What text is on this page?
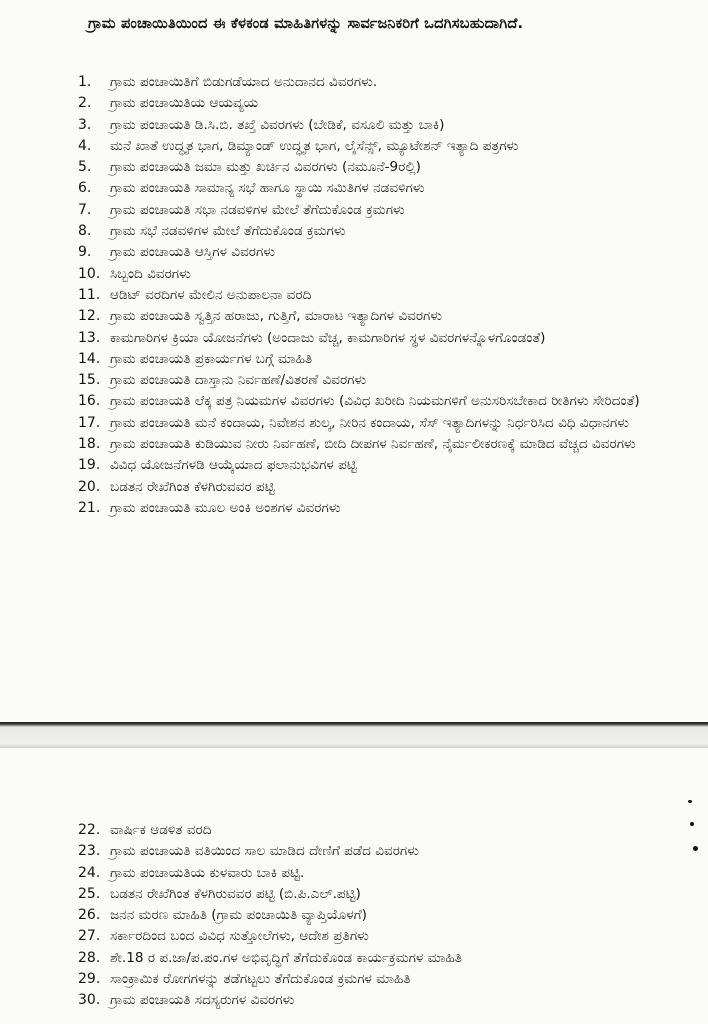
ಗ್ರಾಮ ಪಂಚಾಯಿತಿಯಿಂದ ಈ ಕೆಳಕಂಡ ಮಾಹಿತಿಗಳನ್ನು ಸಾರ್ವಜನಿಕರಿಗೆ ಒದಗಿಸಬಹುದಾಗಿದೆ.
1.	ಗ್ರಾಮ ಪಂಚಾಯಿತಿಗೆ ಬಿಡುಗಡೆಯಾದ ಅನುದಾನದ ವಿವರಗಳು.
2.	ಗ್ರಾಮ ಪಂಚಾಯಿತಿಯ ಆಯವ್ಯಯ
3.	ಗ್ರಾಮ ಪಂಚಾಯತಿ ಡಿ.ಸಿ.ಬಿ. ತಖ್ತೆ ವಿವರಗಳು (ಬೇಡಿಕೆ, ವಸೂಲಿ ಮತ್ತು ಬಾಕಿ)
4.	ಮನೆ ಖಾತೆ ಉದ್ಧೃತ ಭಾಗ, ಡಿಮ್ಯಾಂಡ್ ಉದ್ಧೃತ ಭಾಗ, ಲೈಸೆನ್ಸ್, ಮ್ಯೂಟೇಶನ್ ಇತ್ಯಾದಿ ಪತ್ರಗಳು
5.	ಗ್ರಾಮ ಪಂಚಾಯತಿ ಜಮಾ ಮತ್ತು ಖರ್ಚಿನ ವಿವರಗಳು (ನಮೂನೆ-9ರಲ್ಲಿ)
6.	ಗ್ರಾಮ ಪಂಚಾಯತಿ ಸಾಮಾನ್ಯ ಸಭೆ ಹಾಗೂ ಸ್ಥಾಯಿ ಸಮಿತಿಗಳ ನಡವಳಿಗಳು
7.	ಗ್ರಾಮ ಪಂಚಾಯತಿ ಸಭಾ ನಡವಳಿಗಳ ಮೇಲೆ ತೆಗೆದುಕೊಂಡ ಕ್ರಮಗಳು
8.	ಗ್ರಾಮ ಸಭೆ ನಡವಳಿಗಳ ಮೇಲೆ ತೆಗೆದುಕೊಂಡ ಕ್ರಮಗಳು
9.	ಗ್ರಾಮ ಪಂಚಾಯತಿ ಆಸ್ತಿಗಳ ವಿವರಗಳು
10. ಸಿಬ್ಬಂದಿ ವಿವರಗಳು
11. ಆಡಿಟ್ ವರದಿಗಳ ಮೇಲಿನ ಅನುಪಾಲನಾ ವರದಿ
12. ಗ್ರಾಮ ಪಂಚಾಯತಿ ಸ್ವತ್ತಿನ ಹರಾಜು, ಗುತ್ತಿಗೆ, ಮಾರಾಟ ಇತ್ಯಾದಿಗಳ ವಿವರಗಳು
13. ಕಾಮಗಾರಿಗಳ ಕ್ರಿಯಾ ಯೋಜನೆಗಳು (ಅಂದಾಜು ವೆಚ್ಚ, ಕಾಮಗಾರಿಗಳ ಸ್ಥಳ ವಿವರಗಳನ್ನೊಳಗೊಂಡಂತೆ)
14. ಗ್ರಾಮ ಪಂಚಾಯತಿ ಪ್ರಕಾರ್ಯಗಳ ಬಗ್ಗೆ ಮಾಹಿತಿ
15. ಗ್ರಾಮ ಪಂಚಾಯತಿ ದಾಸ್ತಾನು ನಿರ್ವಹಣೆ/ವಿತರಣೆ ವಿವರಗಳು
16. ಗ್ರಾಮ ಪಂಚಾಯತಿ ಲೆಕ್ಕ ಪತ್ರ ನಿಯಮಗಳ ವಿವರಗಳು (ವಿವಿಧ ಖರೀದಿ ನಿಯಮಗಳಿಗೆ ಅನುಸರಿಸಬೇಕಾದ ರೀತಿಗಳು ಸೇರಿದಂತೆ)
17. ಗ್ರಾಮ ಪಂಚಾಯತಿ ಮನೆ ಕಂದಾಯ, ನಿವೇಶನ ಶುಲ್ಕ, ನೀರಿನ ಕಂದಾಯ, ಸೆಸ್ ಇತ್ಯಾದಿಗಳನ್ನು ನಿರ್ಧರಿಸಿದ ವಿಧಿ ವಿಧಾನಗಳು
18. ಗ್ರಾಮ ಪಂಚಾಯತಿ ಕುಡಿಯುವ ನೀರು ನಿರ್ವಹಣೆ, ಬೀದಿ ದೀಪಗಳ ನಿರ್ವಹಣೆ, ನೈರ್ಮಲೀಕರಣಕ್ಕೆ ಮಾಡಿದ ವೆಚ್ಚದ ವಿವರಗಳು
19. ವಿವಿಧ ಯೋಜನೆಗಳಡಿ ಆಯ್ಕೆಯಾದ ಫಲಾನುಭವಿಗಳ ಪಟ್ಟಿ
20. ಬಡತನ ರೇಖೆಗಿಂತ ಕೆಳಗಿರುವವರ ಪಟ್ಟಿ
21. ಗ್ರಾಮ ಪಂಚಾಯತಿ ಮೂಲ ಅಂಕಿ ಅಂಶಗಳ ವಿವರಗಳು
22. ವಾರ್ಷಿಕ ಆಡಳಿತ ವರದಿ
23. ಗ್ರಾಮ ಪಂಚಾಯತಿ ವತಿಯಿಂದ ಸಾಲ ಮಾಡಿದ ದೇಣಿಗೆ ಪಡೆದ ವಿವರಗಳು
24. ಗ್ರಾಮ ಪಂಚಾಯತಿಯ ಕುಳವಾರು ಬಾಕಿ ಪಟ್ಟಿ.
25. ಬಡತನ ರೇಖೆಗಿಂತ ಕೆಳಗಿರುವವರ ಪಟ್ಟಿ (ಬಿ.ಪಿ.ಎಲ್.ಪಟ್ಟಿ)
26. ಜನನ ಮರಣ ಮಾಹಿತಿ (ಗ್ರಾಮ ಪಂಚಾಯಿತಿ ವ್ಯಾಪ್ತಿಯೊಳಗೆ)
27. ಸರ್ಕಾರದಿಂದ ಬಂದ ವಿವಿಧ ಸುತ್ತೋಲೆಗಳು, ಆದೇಶ ಪ್ರತಿಗಳು
28. ಶೇ.18 ರ ಪ.ಜಾ/ಪ.ಪಂ.ಗಳ ಅಭಿವೃದ್ಧಿಗೆ ತೆಗೆದುಕೊಂಡ ಕಾರ್ಯಕ್ರಮಗಳ ಮಾಹಿತಿ
29. ಸಾಂಕ್ರಾಮಿಕ ರೋಗಗಳನ್ನು ತಡೆಗಟ್ಟಲು ತೆಗೆದುಕೊಂಡ ಕ್ರಮಗಳ ಮಾಹಿತಿ
30. ಗ್ರಾಮ ಪಂಚಾಯತಿ ಸದಸ್ಯರುಗಳ ವಿವರಗಳು
